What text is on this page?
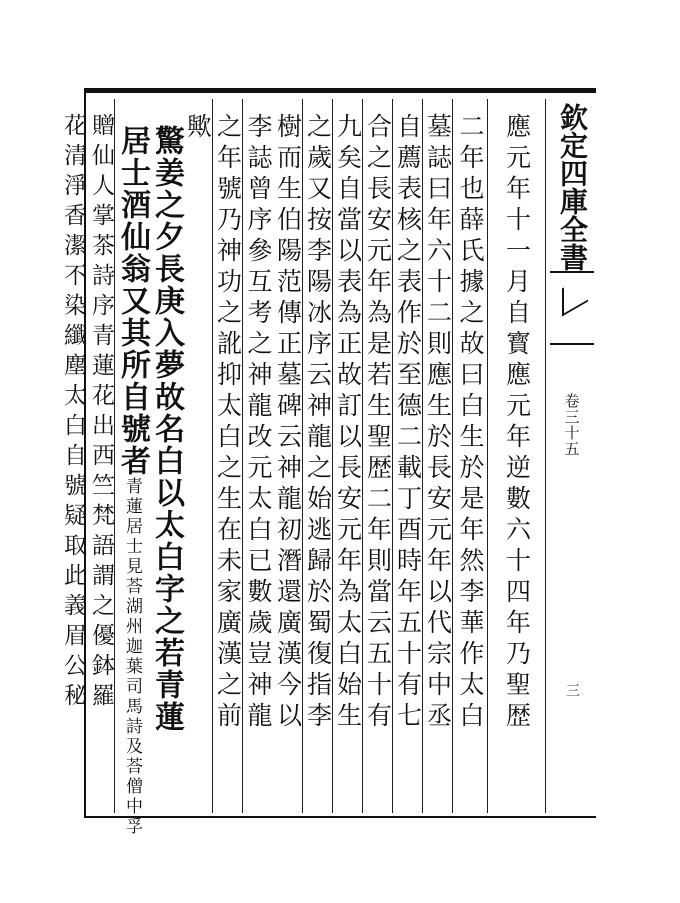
欽定四庫全書
卷三十五
三
應元年十一月自寳應元年逆數六十四年乃聖歴
二年也薛氏據之故曰白生於是年然李華作太白
墓誌曰年六十二則應生於長安元年以代宗中丞
自薦表核之表作於至德二載丁酉時年五十有七
合之長安元年為是若生聖歴二年則當云五十有
九矣自當以表為正故訂以長安元年為太白始生
之歲又按李陽冰序云神龍之始逃歸於蜀復指李
樹而生伯陽范傳正墓碑云神龍初潛還廣漢今以
李誌曾序參互考之神龍改元太白已數歲豈神龍
之年號乃神功之訛抑太白之生在未家廣漢之前
歟
驚姜之夕長庚入夢故名白以太白字之若青蓮
居士酒仙翁又其所自號者青蓮居士見荅湖州迦葉司馬詩及荅僧中孚
贈仙人掌茶詩序青蓮花出西竺梵語謂之優鉢羅
花清淨香潔不染纖塵太白自號疑取此義眉公秘
